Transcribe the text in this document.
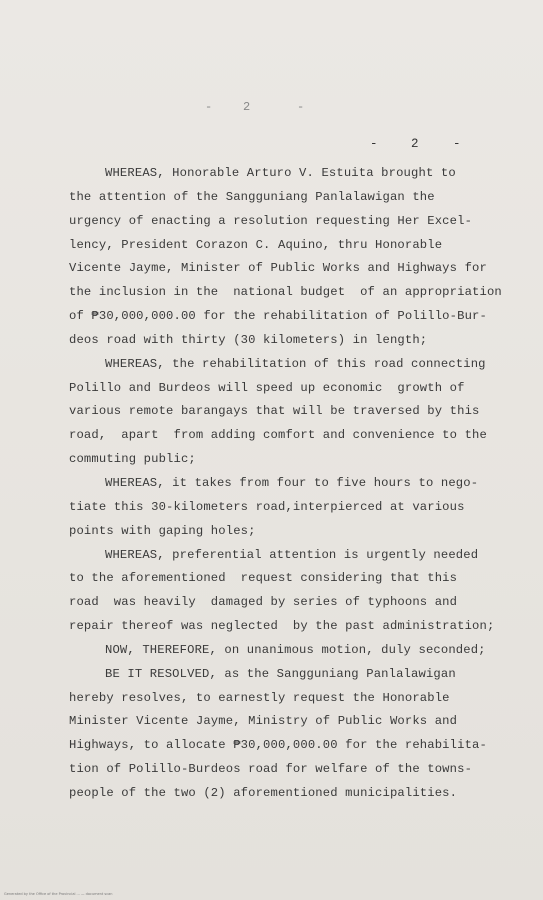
-	2	-
-	2	-
WHEREAS, Honorable Arturo V. Estuita brought to
the attention of the Sangguniang Panlalawigan the
urgency of enacting a resolution requesting Her Excel-
lency, President Corazon C. Aquino, thru Honorable
Vicente Jayme, Minister of Public Works and Highways for
the inclusion in the  national budget  of an appropriation
of ₱30,000,000.00 for the rehabilitation of Polillo-Bur-
deos road with thirty (30 kilometers) in length;
WHEREAS, the rehabilitation of this road connecting
Polillo and Burdeos will speed up economic  growth of
various remote barangays that will be traversed by this
road,  apart  from adding comfort and convenience to the
commuting public;
WHEREAS, it takes from four to five hours to nego-
tiate this 30-kilometers road,interpierced at various
points with gaping holes;
WHEREAS, preferential attention is urgently needed
to the aforementioned  request considering that this
road  was heavily  damaged by series of typhoons and
repair thereof was neglected  by the past administration;
NOW, THEREFORE, on unanimous motion, duly seconded;
BE IT RESOLVED, as the Sangguniang Panlalawigan
hereby resolves, to earnestly request the Honorable
Minister Vicente Jayme, Ministry of Public Works and
Highways, to allocate ₱30,000,000.00 for the rehabilita-
tion of Polillo-Burdeos road for welfare of the towns-
people of the two (2) aforementioned municipalities.
Generated by the Office of the Provincial ... — document scan
